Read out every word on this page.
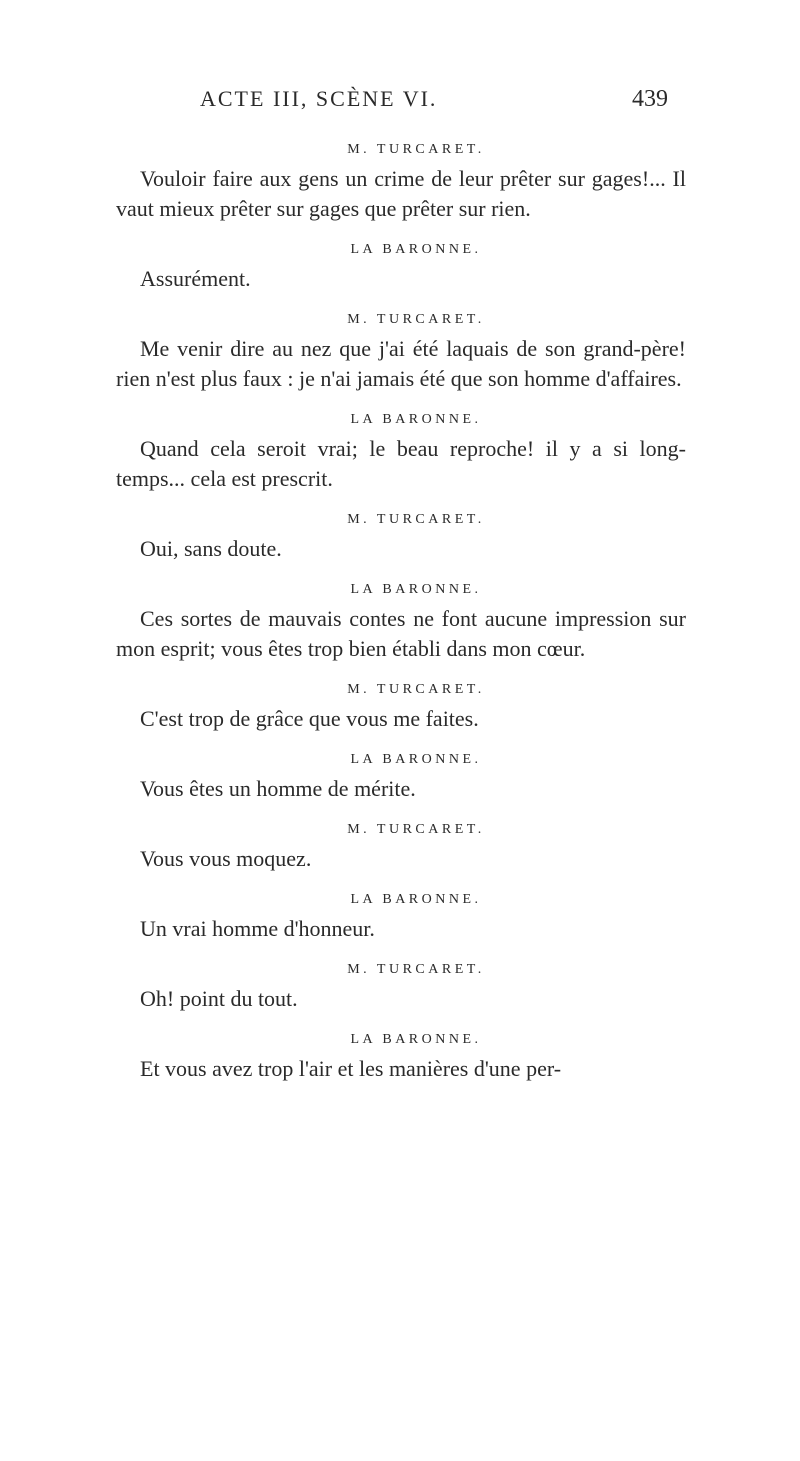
ACTE III, SCÈNE VI.	439

M. TURCARET.

Vouloir faire aux gens un crime de leur prêter sur gages!... Il vaut mieux prêter sur gages que prêter sur rien.

LA BARONNE.

Assurément.

M. TURCARET.

Me venir dire au nez que j'ai été laquais de son grand-père! rien n'est plus faux : je n'ai jamais été que son homme d'affaires.

LA BARONNE.

Quand cela seroit vrai; le beau reproche! il y a si long-temps... cela est prescrit.

M. TURCARET.

Oui, sans doute.

LA BARONNE.

Ces sortes de mauvais contes ne font aucune impression sur mon esprit; vous êtes trop bien établi dans mon cœur.

M. TURCARET.

C'est trop de grâce que vous me faites.

LA BARONNE.

Vous êtes un homme de mérite.

M. TURCARET.

Vous vous moquez.

LA BARONNE.

Un vrai homme d'honneur.

M. TURCARET.

Oh! point du tout.

LA BARONNE.

Et vous avez trop l'air et les manières d'une per-
